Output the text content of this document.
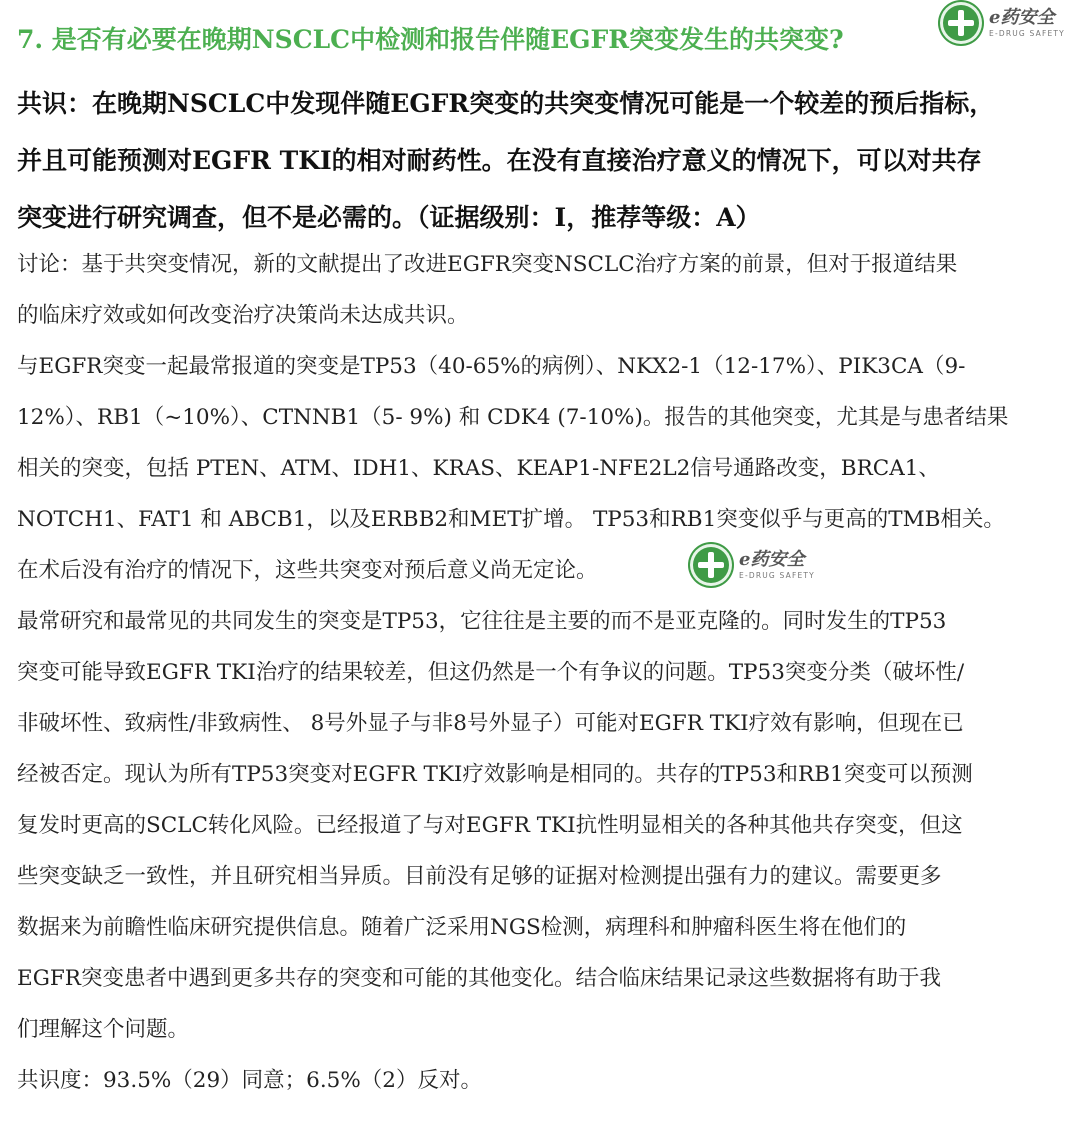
7. 是否有必要在晚期NSCLC中检测和报告伴随EGFR突变发生的共突变?
共识：在晚期NSCLC中发现伴随EGFR突变的共突变情况可能是一个较差的预后指标，
并且可能预测对EGFR TKI的相对耐药性。在没有直接治疗意义的情况下，可以对共存
突变进行研究调查，但不是必需的。（证据级别：I，推荐等级：A）
讨论：基于共突变情况，新的文献提出了改进EGFR突变NSCLC治疗方案的前景，但对于报道结果
的临床疗效或如何改变治疗决策尚未达成共识。
与EGFR突变一起最常报道的突变是TP53（40-65%的病例）、NKX2-1（12-17%）、PIK3CA（9-
12%）、RB1（~10%）、CTNNB1（5- 9%) 和 CDK4 (7-10%)。报告的其他突变，尤其是与患者结果
相关的突变，包括 PTEN、ATM、IDH1、KRAS、KEAP1-NFE2L2信号通路改变，BRCA1、
NOTCH1、FAT1 和 ABCB1，以及ERBB2和MET扩增。 TP53和RB1突变似乎与更高的TMB相关。
在术后没有治疗的情况下，这些共突变对预后意义尚无定论。
最常研究和最常见的共同发生的突变是TP53，它往往是主要的而不是亚克隆的。同时发生的TP53
突变可能导致EGFR TKI治疗的结果较差，但这仍然是一个有争议的问题。TP53突变分类（破坏性/
非破坏性、致病性/非致病性、 8号外显子与非8号外显子）可能对EGFR TKI疗效有影响，但现在已
经被否定。现认为所有TP53突变对EGFR TKI疗效影响是相同的。共存的TP53和RB1突变可以预测
复发时更高的SCLC转化风险。已经报道了与对EGFR TKI抗性明显相关的各种其他共存突变，但这
些突变缺乏一致性，并且研究相当异质。目前没有足够的证据对检测提出强有力的建议。需要更多
数据来为前瞻性临床研究提供信息。随着广泛采用NGS检测，病理科和肿瘤科医生将在他们的
EGFR突变患者中遇到更多共存的突变和可能的其他变化。结合临床结果记录这些数据将有助于我
们理解这个问题。
共识度：93.5%（29）同意；6.5%（2）反对。
e药安全
E-DRUG SAFETY
e药安全
E-DRUG SAFETY
